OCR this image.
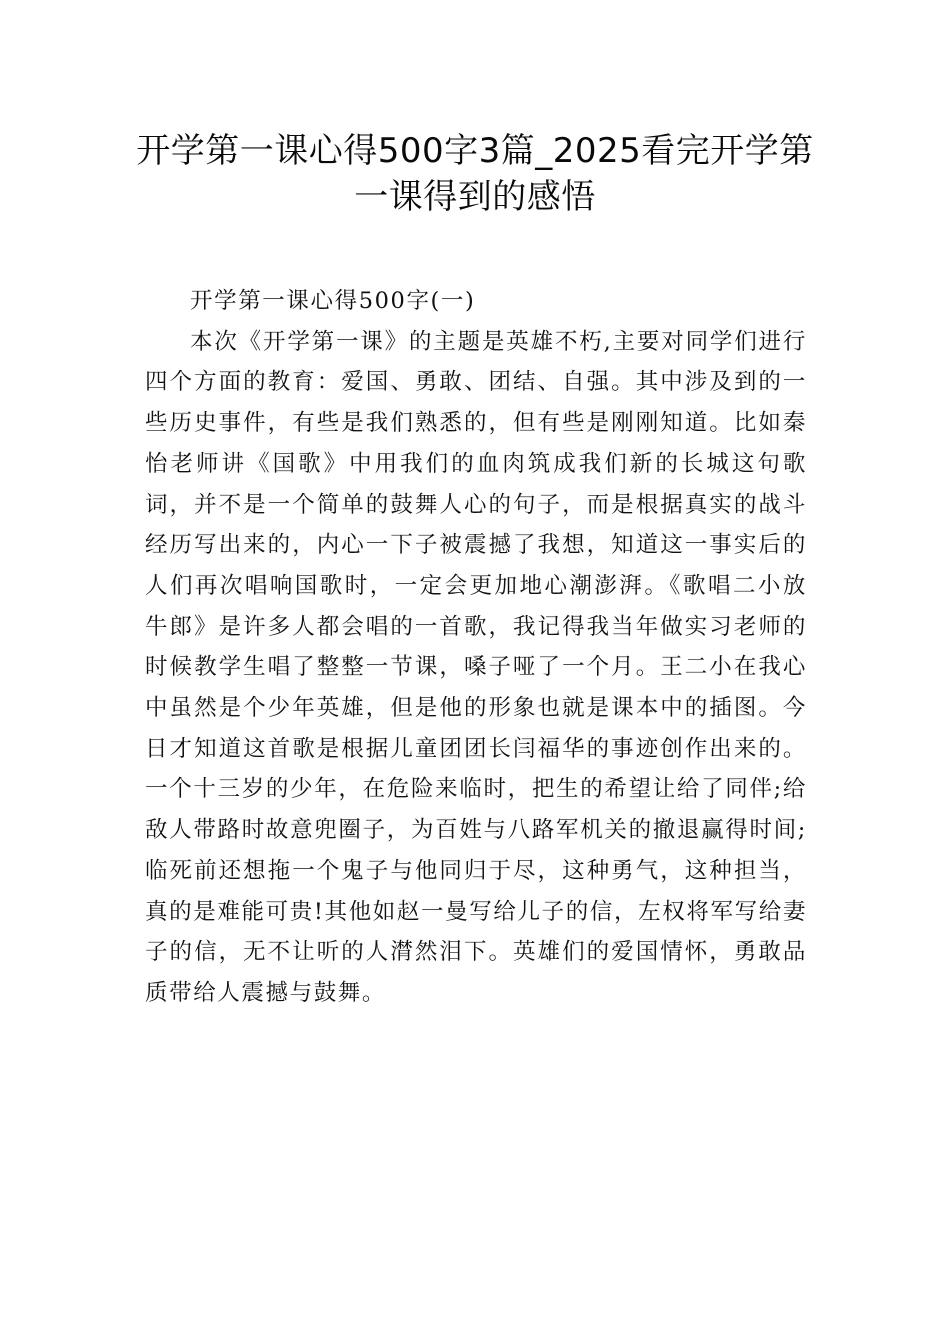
开学第一课心得500字3篇_2025看完开学第一课得到的感悟

开学第一课心得500字(一)

本次《开学第一课》的主题是英雄不朽,主要对同学们进行四个方面的教育：爱国、勇敢、团结、自强。其中涉及到的一些历史事件，有些是我们熟悉的，但有些是刚刚知道。比如秦怡老师讲《国歌》中用我们的血肉筑成我们新的长城这句歌词，并不是一个简单的鼓舞人心的句子，而是根据真实的战斗经历写出来的，内心一下子被震撼了我想，知道这一事实后的人们再次唱响国歌时，一定会更加地心潮澎湃。《歌唱二小放牛郎》是许多人都会唱的一首歌，我记得我当年做实习老师的时候教学生唱了整整一节课，嗓子哑了一个月。王二小在我心中虽然是个少年英雄，但是他的形象也就是课本中的插图。今日才知道这首歌是根据儿童团团长闫福华的事迹创作出来的。一个十三岁的少年，在危险来临时，把生的希望让给了同伴;给敌人带路时故意兜圈子，为百姓与八路军机关的撤退赢得时间;临死前还想拖一个鬼子与他同归于尽，这种勇气，这种担当，真的是难能可贵!其他如赵一曼写给儿子的信，左权将军写给妻子的信，无不让听的人潸然泪下。英雄们的爱国情怀，勇敢品质带给人震撼与鼓舞。
